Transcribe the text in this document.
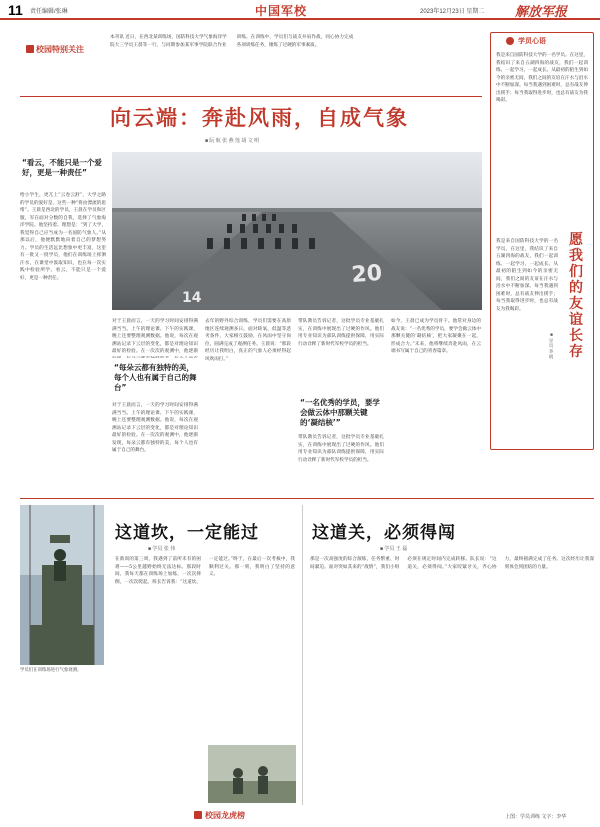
11 责任编辑/张琳	中国军校	2023年12月23日 星期二 解放军报
校园特别关注
本刊讯 近日，在西北某训练场，国防科技大学气象海洋学院大三学员王晨等一行，与同期参加某军事学院联合作业训练。在训练中，学员们与战友并肩作战，同心协力完成各项训练任务，锤炼了过硬的军事素质。
向云端：奔赴风雨，自成气象
■ 阮 航 张 燕 莲 胡 文 明
“看云，不能只是一个爱好，更是一种责任”
给小学生，更兀上“云卷云舒”，大学之路的学员的爱好是，这些一种“将由漂流的思绪”。王晨是西北的学员，王晨在学员和区服，军在面对分数的自我，选择了气象海洋学院。他坚持着。理想是：“到了大学，我觉得自己应当成为一名国防气象人。”从那以后，他便默默地向着自己的梦想努力。学员的生活远比想象中更丰富，这里有一批又一批学员，他们在训练场上挥洒汗水，在课堂中汲取知识，也在每一次实践中检验所学。看云，不能只是一个爱好，更是一种责任。	20
14
对于王晨而言，一天的学习时间安排得满满当当。上午的理论课、下午的实践课，晚上还要整理观测数据。他说，每次在观测站记录下云层的变化，都是对理论知识最好的检验。在一次次的观测中，他逐渐
“每朵云都有独特的美，每个人也有属于自己的舞台”
对于王晨而言，一天的学习时间安排得满满当当。上午的理论课、下午的实践课，晚上还要整理观测数据。他说，每次在观测站记录下云层的变化，都是对理论知识最好的检验。在一次次的观测中，他逐渐发现，每朵云都有独特的美，每个人也有属于自己的舞台。
去年的野外综合训练，学员们需要在高原地区连续观测多日。面对缺氧、低温等恶劣条件，大家相互鼓励，在风雨中坚守岗位，圆满完成了观测任务。王晨说：“那段经历让我明白，真正的气象人必须经得起风吹雨打。”
带队教员告诉记者，这批学员专业基础扎实，在训练中展现出了过硬的作风。他们用专业知识为部队训练提供保障，用实际行动诠释了新时代军校学员的担当。
“一名优秀的学员，要学会做云体中那颗关键的‘凝结核’”
带队教员告诉记者，这批学员专业基础扎实，在训练中展现出了过硬的作风。他们用专业知识为部队训练提供保障，用实际行动诠释了新时代军校学员的担当。
如今，王晨已成为学员骨干。他常对身边的战友说：“一名优秀的学员，要学会做云体中那颗关键的‘凝结核’，把大家凝聚在一起，形成合力。”未来，他将继续奔赴风雨，在云端书写属于自己的青春篇章。
学员心语
我是来自国防科技大学的一名学员。在这里，我结识了来自五湖四海的战友，我们一起训练、一起学习、一起成长。从最初的陌生到如今的亲密无间，我们之间的友谊在汗水与泪水中不断加深。每当我遇到困难时，总有战友伸出援手；每当我取得进步时，也总有战友为我喝彩。
愿我们的友谊长存
■ 学员 李 明
我是来自国防科技大学的一名学员。在这里，我结识了来自五湖四海的战友，我们一起训练、一起学习、一起成长。从最初的陌生到如今的亲密无间，我们之间的友谊在汗水与泪水中不断加深。每当我遇到困难时，总有战友伸出援手；每当我取得进步时，也总有战友为我喝彩。
学员们在训练场进行气象观测。
这道坎，一定能过
■ 学员 张 伟
在新训的第三周，我遇到了前所未有的困难——5公里越野始终无法达标。那段时间，我每天都在训练场上加练，一次次摔倒，一次次爬起。班长告诉我：“这道坎，一定能过。”终于，在最后一次考核中，我顺利过关。那一刻，我明白了坚持的意义。
这道关，必须得闯
■ 学员 王 磊
那是一次高强度的综合演练，任务繁重、时间紧迫。面对突如其来的“敌情”，我们小组必须在规定时间内完成转移。队长说：“这道关，必须得闯。”大家咬紧牙关，齐心协力，最终圆满完成了任务。这次经历让我深刻体会到团结的力量。
校园龙虎榜	上图：学员训练 文字：李华
